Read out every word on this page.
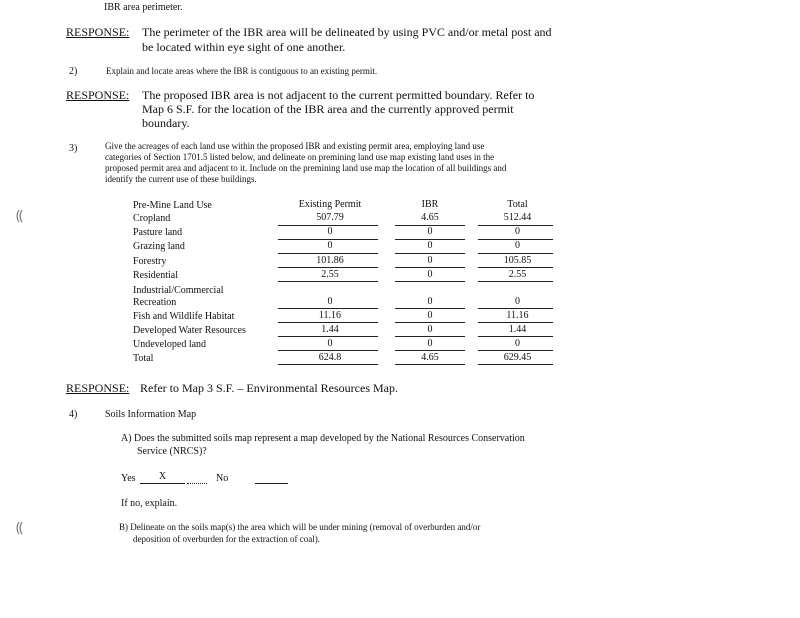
IBR area perimeter.
RESPONSE: The perimeter of the IBR area will be delineated by using PVC and/or metal post and
be located within eye sight of one another.
2)	Explain and locate areas where the IBR is contiguous to an existing permit.
RESPONSE: The proposed IBR area is not adjacent to the current permitted boundary. Refer to
Map 6 S.F. for the location of the IBR area and the currently approved permit
boundary.
3)	Give the acreages of each land use within the proposed IBR and existing permit area, employing land use
categories of Section 1701.5 listed below, and delineate on premining land use map existing land uses in the
proposed permit area and adjacent to it. Include on the premining land use map the location of all buildings and
identify the current use of these buildings.
⸨
⸨
Pre-Mine Land Use	Existing Permit	IBR	Total
Cropland	507.79	4.65	512.44
Pasture land	0	0	0
Grazing land	0	0	0
Forestry	101.86	0	105.85
Residential	2.55	0	2.55
Industrial/Commercial
Recreation	0	0	0
Fish and Wildlife Habitat	11.16	0	11.16
Developed Water Resources	1.44	0	1.44
Undeveloped land	0	0	0
Total	624.8	4.65	629.45
RESPONSE: Refer to Map 3 S.F. – Environmental Resources Map.
4)	Soils Information Map
A) Does the submitted soils map represent a map developed by the National Resources Conservation
Service (NRCS)?
Yes	X	No
If no, explain.
B) Delineate on the soils map(s) the area which will be under mining (removal of overburden and/or
deposition of overburden for the extraction of coal).
